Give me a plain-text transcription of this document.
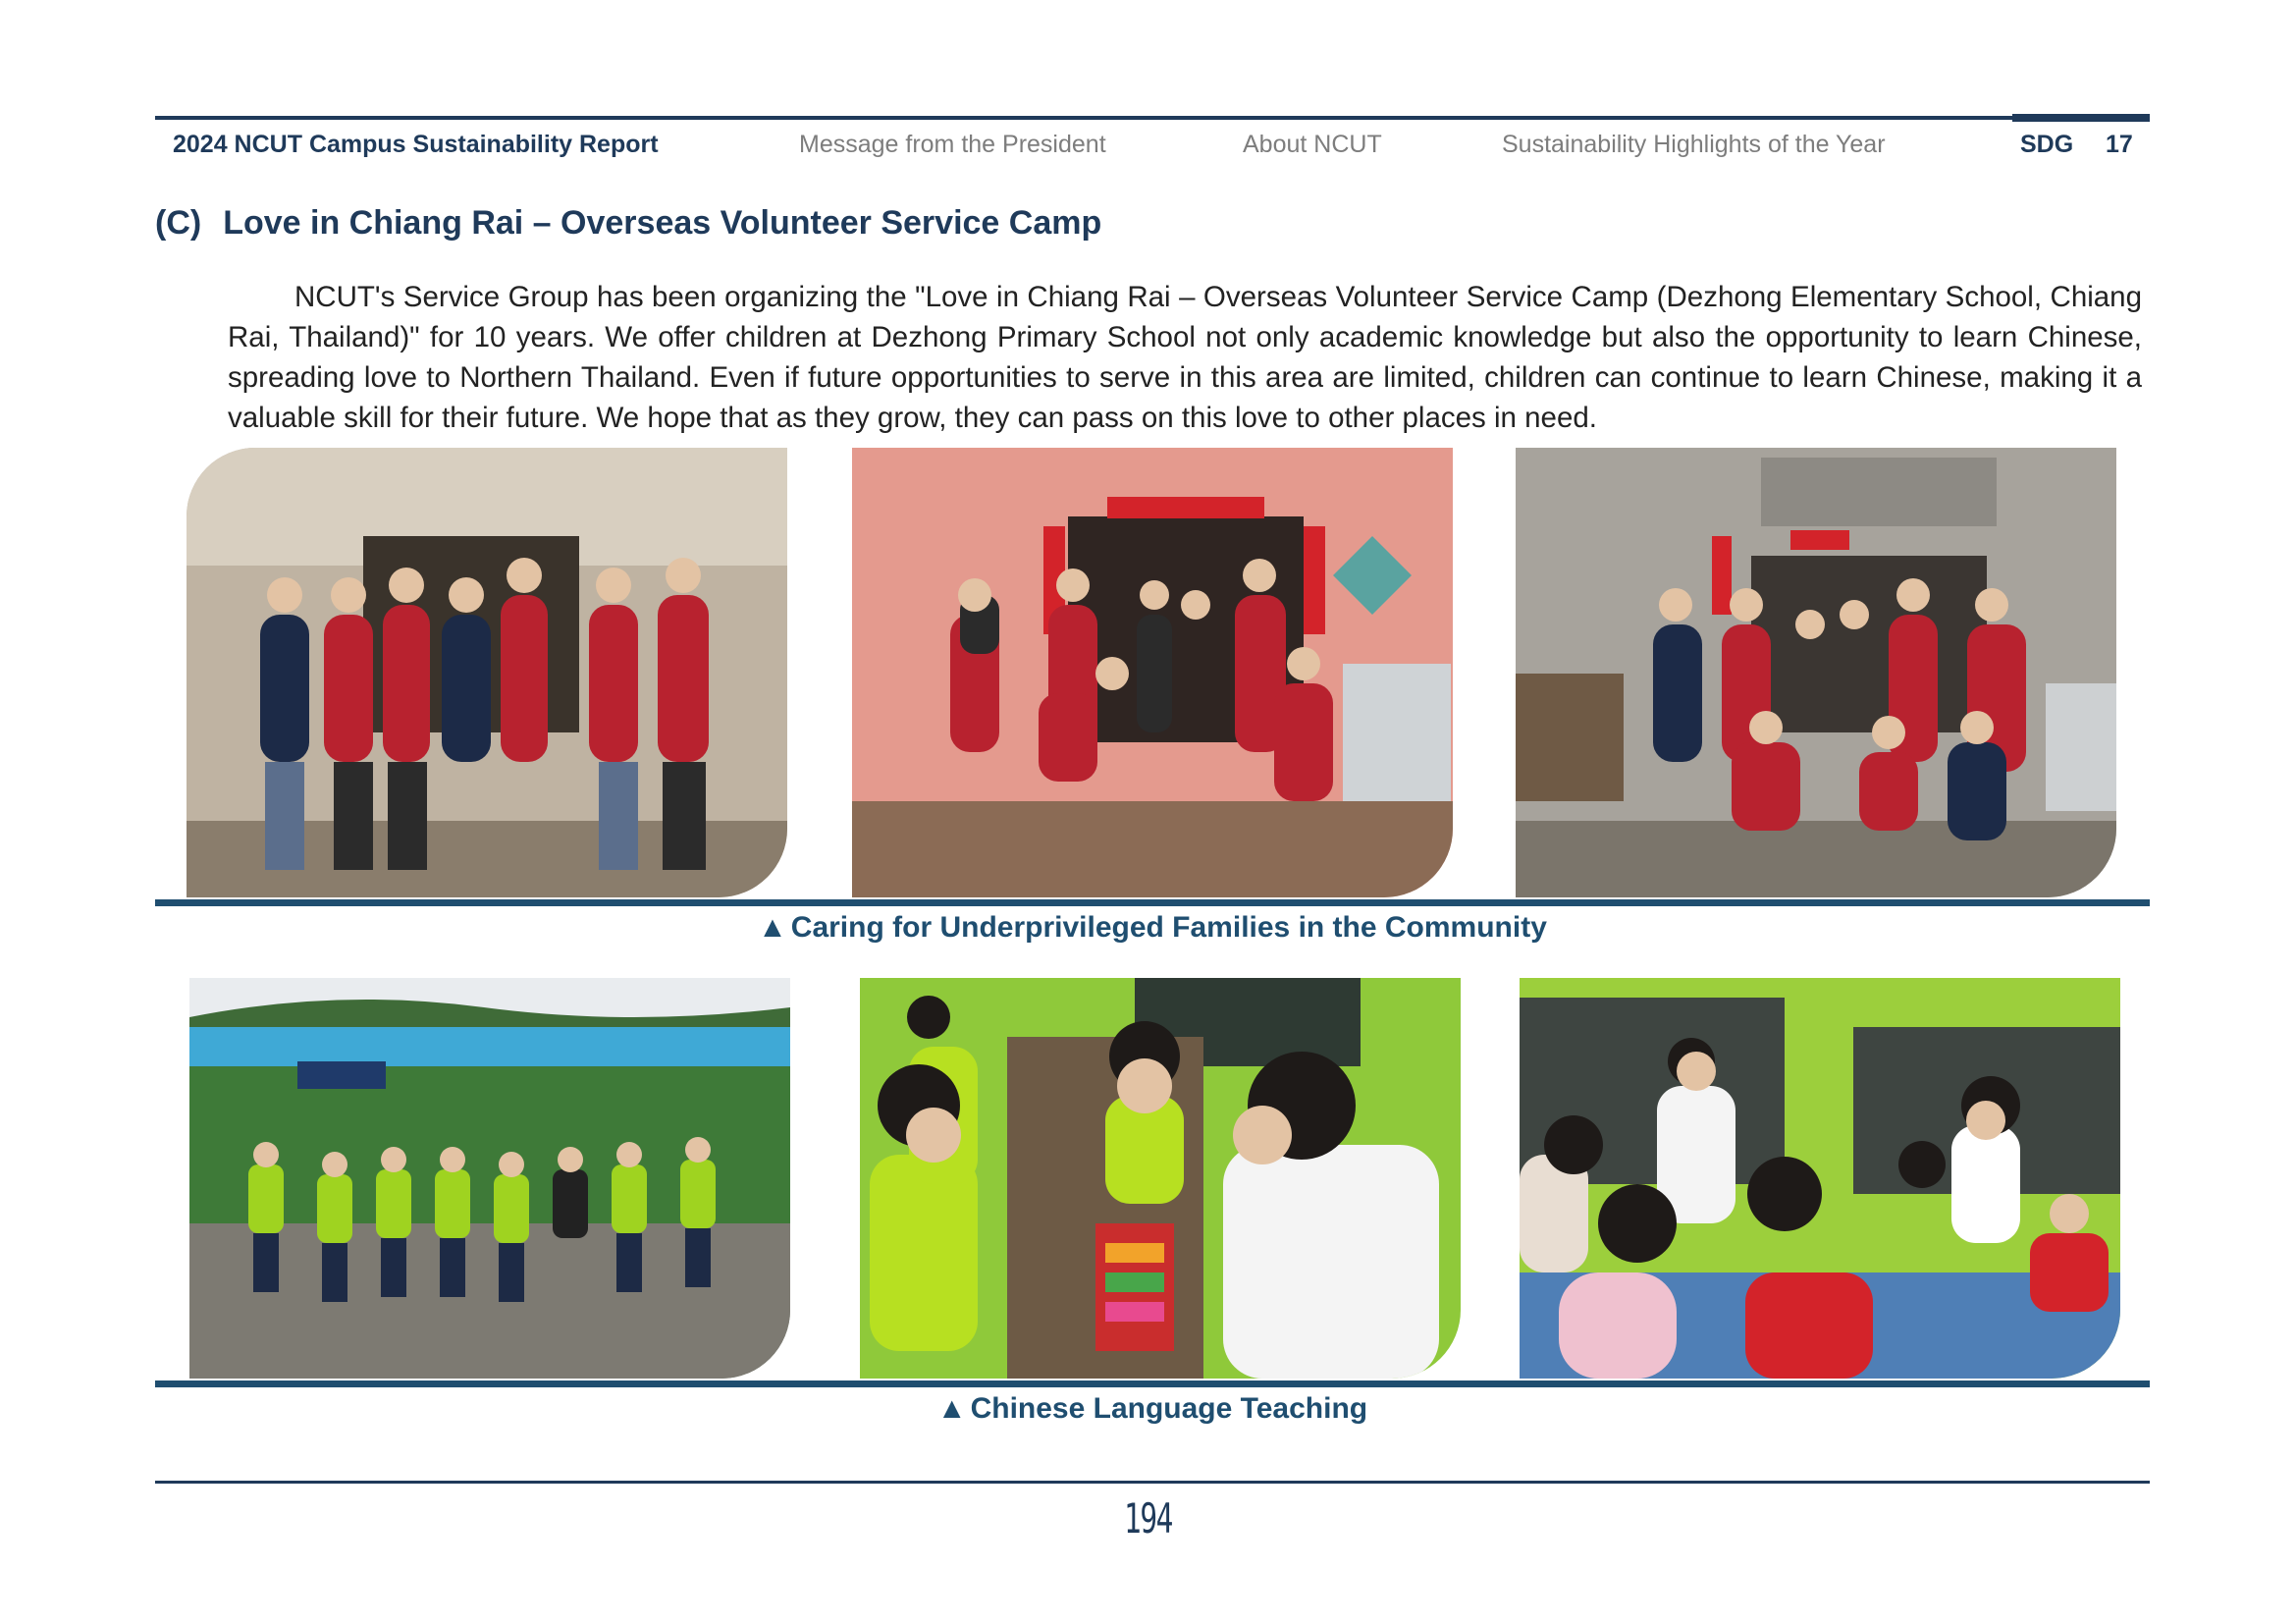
2024 NCUT Campus Sustainability Report	Message from the President	About NCUT	Sustainability Highlights of the Year	SDG 17
(C) Love in Chiang Rai – Overseas Volunteer Service Camp

NCUT's Service Group has been organizing the "Love in Chiang Rai – Overseas Volunteer Service Camp (Dezhong Elementary School, Chiang Rai, Thailand)" for 10 years. We offer children at Dezhong Primary School not only academic knowledge but also the opportunity to learn Chinese, spreading love to Northern Thailand. Even if future opportunities to serve in this area are limited, children can continue to learn Chinese, making it a valuable skill for their future. We hope that as they grow, they can pass on this love to other places in need.

▲ Caring for Underprivileged Families in the Community
▲ Chinese Language Teaching
194
